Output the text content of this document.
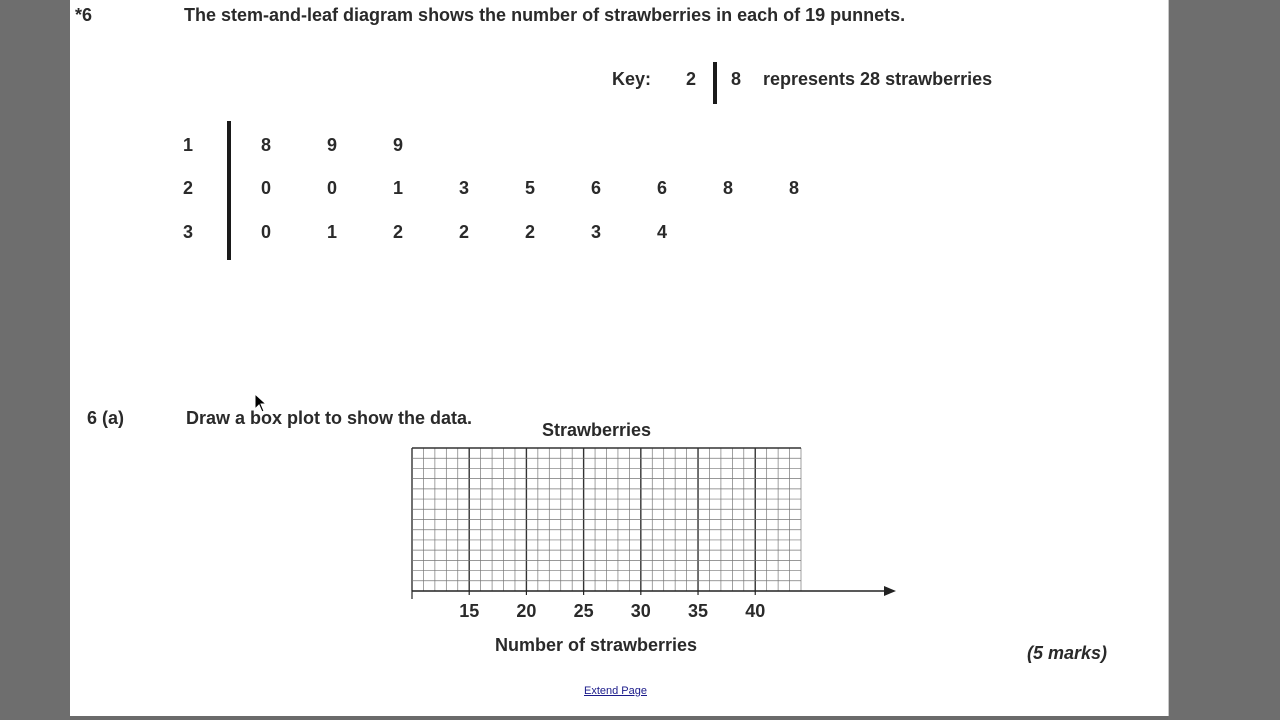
*6	The stem-and-leaf diagram shows the number of strawberries in each of 19 punnets.
Key: 2 8 represents 28 strawberries
1	8	9	9
2	0	0	1	3	5	6	6	8	8
3	0	1	2	2	2	3	4
6 (a)	Draw a box plot to show the data.
Strawberries
15 20 25 30 35 40
Number of strawberries	(5 marks)
Extend Page
